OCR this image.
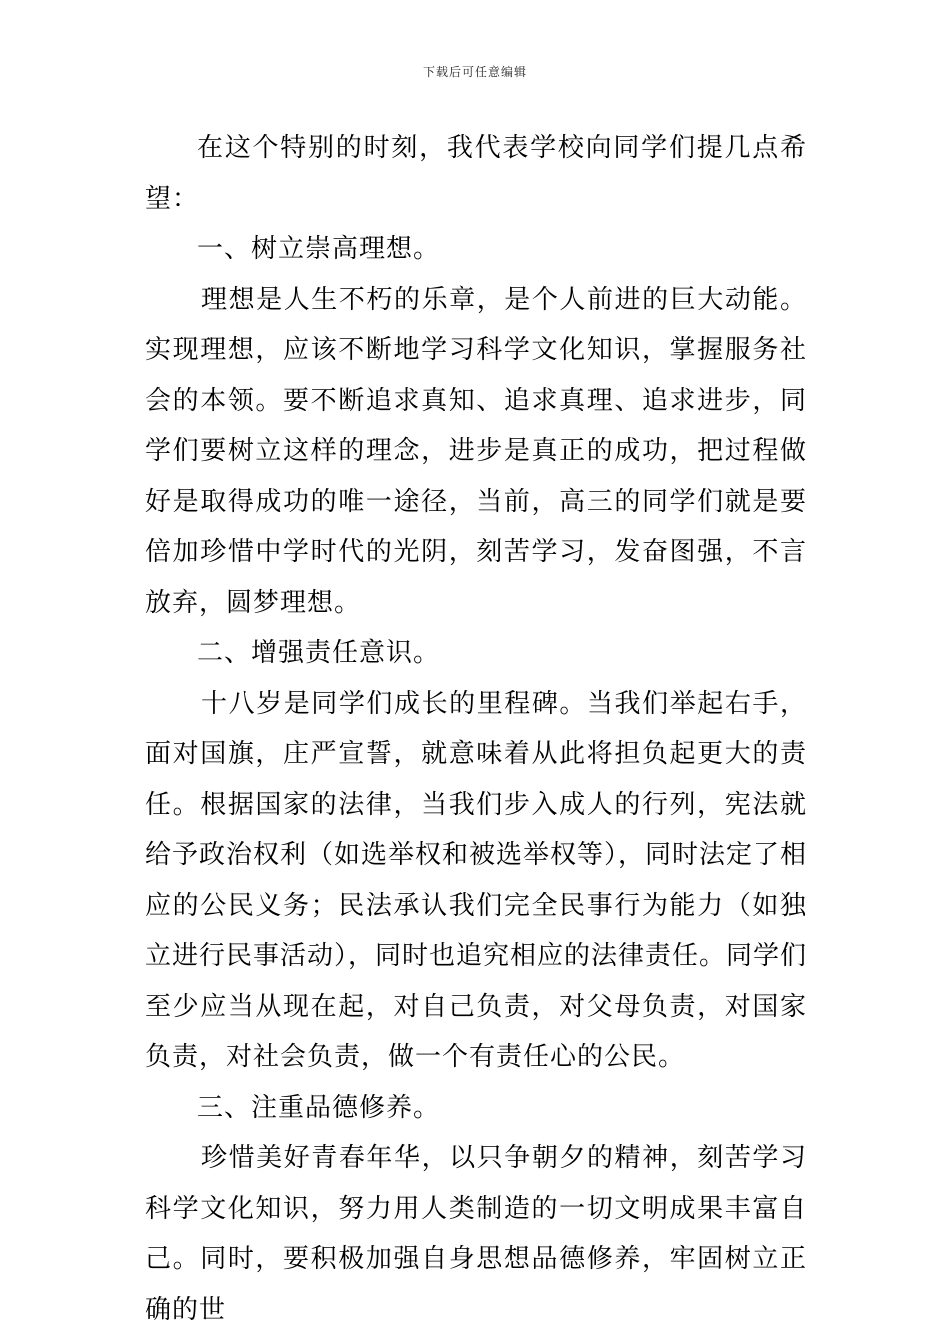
下载后可任意编辑

在这个特别的时刻，我代表学校向同学们提几点希望：

一、树立崇高理想。

理想是人生不朽的乐章，是个人前进的巨大动能。实现理想，应该不断地学习科学文化知识，掌握服务社会的本领。要不断追求真知、追求真理、追求进步，同学们要树立这样的理念，进步是真正的成功，把过程做好是取得成功的唯一途径，当前，高三的同学们就是要倍加珍惜中学时代的光阴，刻苦学习，发奋图强，不言放弃，圆梦理想。

二、增强责任意识。

十八岁是同学们成长的里程碑。当我们举起右手，面对国旗，庄严宣誓，就意味着从此将担负起更大的责任。根据国家的法律，当我们步入成人的行列，宪法就给予政治权利（如选举权和被选举权等），同时法定了相应的公民义务；民法承认我们完全民事行为能力（如独立进行民事活动），同时也追究相应的法律责任。同学们至少应当从现在起，对自己负责，对父母负责，对国家负责，对社会负责，做一个有责任心的公民。

三、注重品德修养。

珍惜美好青春年华，以只争朝夕的精神，刻苦学习科学文化知识，努力用人类制造的一切文明成果丰富自己。同时，要积极加强自身思想品德修养，牢固树立正确的世
